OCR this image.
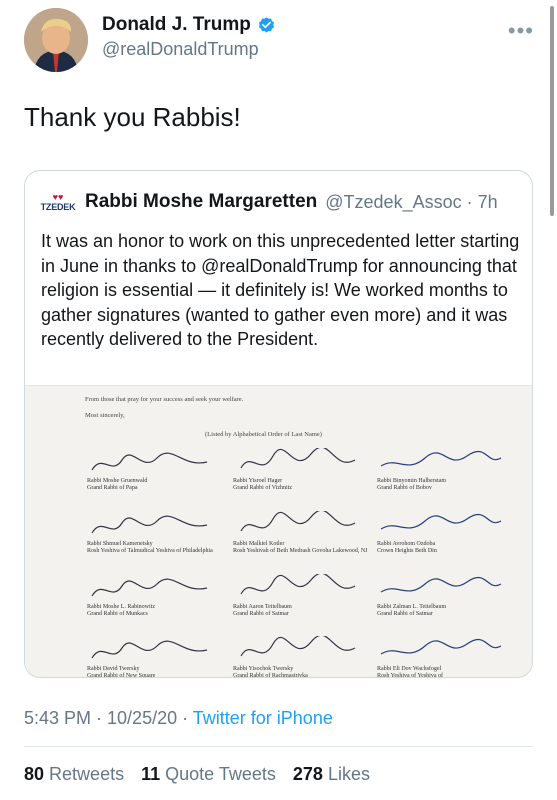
Donald J. Trump
@realDonaldTrump
•••
Thank you Rabbis!
♥♥
TZEDEK Rabbi Moshe Margaretten @Tzedek_Assoc · 7h
It was an honor to work on this unprecedented letter starting in June in thanks to @realDonaldTrump for announcing that religion is essential — it definitely is! We worked months to gather signatures (wanted to gather even more) and it was recently delivered to the President.
From those that pray for your success and seek your welfare.
Most sincerely,
(Listed by Alphabetical Order of Last Name)
Rabbi Moshe Gruenwald
Grand Rabbi of Papa
Rabbi Yisroel Hager
Grand Rabbi of Vizhnitz
Rabbi Binyomin Halberstam
Grand Rabbi of Bobov
Rabbi Shmuel Kamenetsky
Rosh Yeshiva of Talmudical Yeshiva of Philadelphia
Rabbi Malkiel Kotler
Rosh Yeshivah of Beth Medrash Govoha Lakewood, NJ
Rabbi Avrohom Ozdoba
Crown Heights Beth Din
Rabbi Moshe L. Rabinowitz
Grand Rabbi of Munkacs
Rabbi Aaron Teitelbaum
Grand Rabbi of Satmar
Rabbi Zalman L. Teitelbaum
Grand Rabbi of Satmar
Rabbi David Twersky
Grand Rabbi of New Square
Rabbi Yisochok Twersky
Grand Rabbi of Rachmastrivka
Rabbi Eli Dov Wachsfogel
Rosh Yeshiva of Yeshiva of
5:43 PM · 10/25/20 · Twitter for iPhone
80 Retweets 11 Quote Tweets 278 Likes
